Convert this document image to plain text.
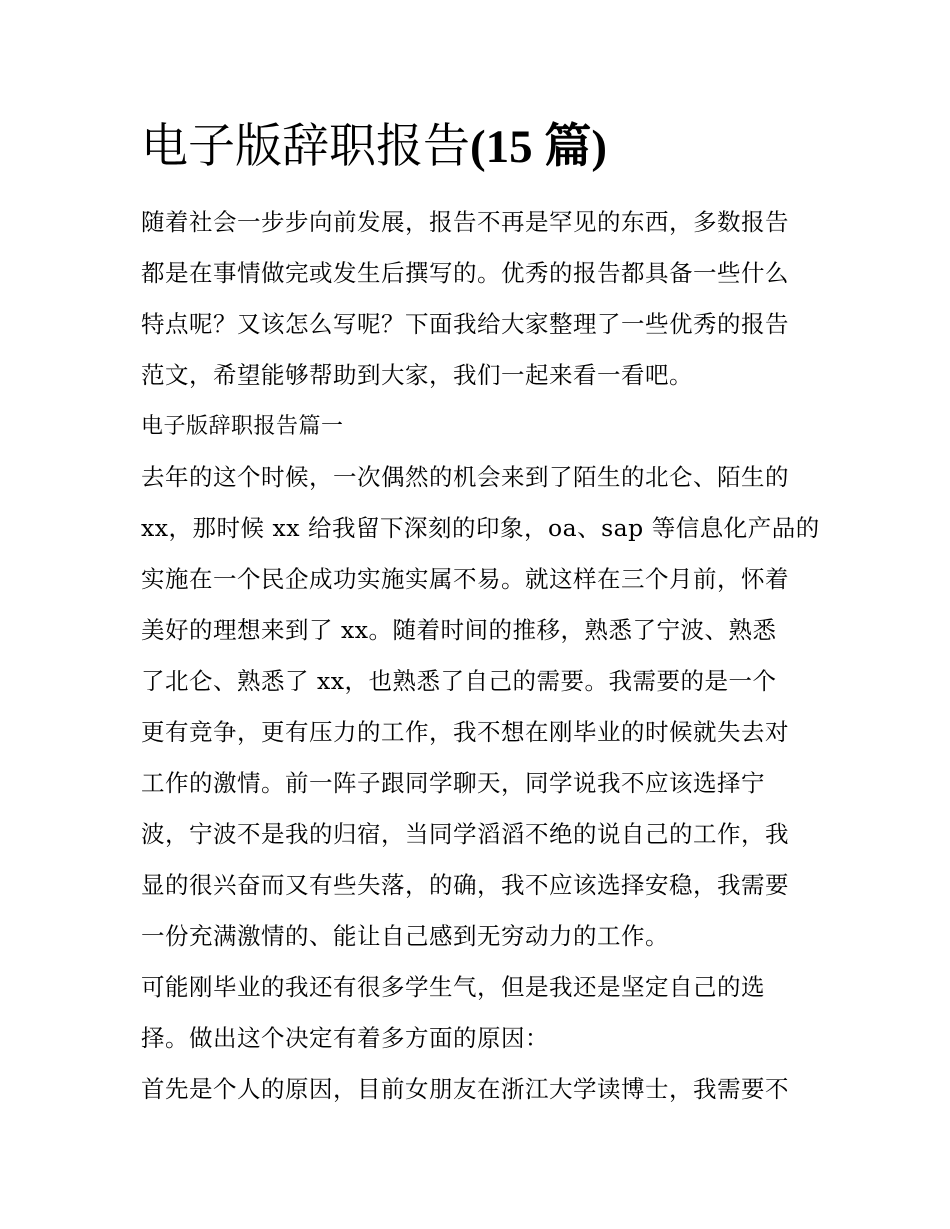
电子版辞职报告(15 篇)
随着社会一步步向前发展，报告不再是罕见的东西，多数报告
都是在事情做完或发生后撰写的。优秀的报告都具备一些什么
特点呢？又该怎么写呢？下面我给大家整理了一些优秀的报告
范文，希望能够帮助到大家，我们一起来看一看吧。
电子版辞职报告篇一
去年的这个时候，一次偶然的机会来到了陌生的北仑、陌生的
xx，那时候 xx 给我留下深刻的印象，oa、sap 等信息化产品的
实施在一个民企成功实施实属不易。就这样在三个月前，怀着
美好的理想来到了 xx。随着时间的推移，熟悉了宁波、熟悉
了北仑、熟悉了 xx，也熟悉了自己的需要。我需要的是一个
更有竞争，更有压力的工作，我不想在刚毕业的时候就失去对
工作的激情。前一阵子跟同学聊天，同学说我不应该选择宁
波，宁波不是我的归宿，当同学滔滔不绝的说自己的工作，我
显的很兴奋而又有些失落，的确，我不应该选择安稳，我需要
一份充满激情的、能让自己感到无穷动力的工作。
可能刚毕业的我还有很多学生气，但是我还是坚定自己的选
择。做出这个决定有着多方面的原因：
首先是个人的原因，目前女朋友在浙江大学读博士，我需要不
